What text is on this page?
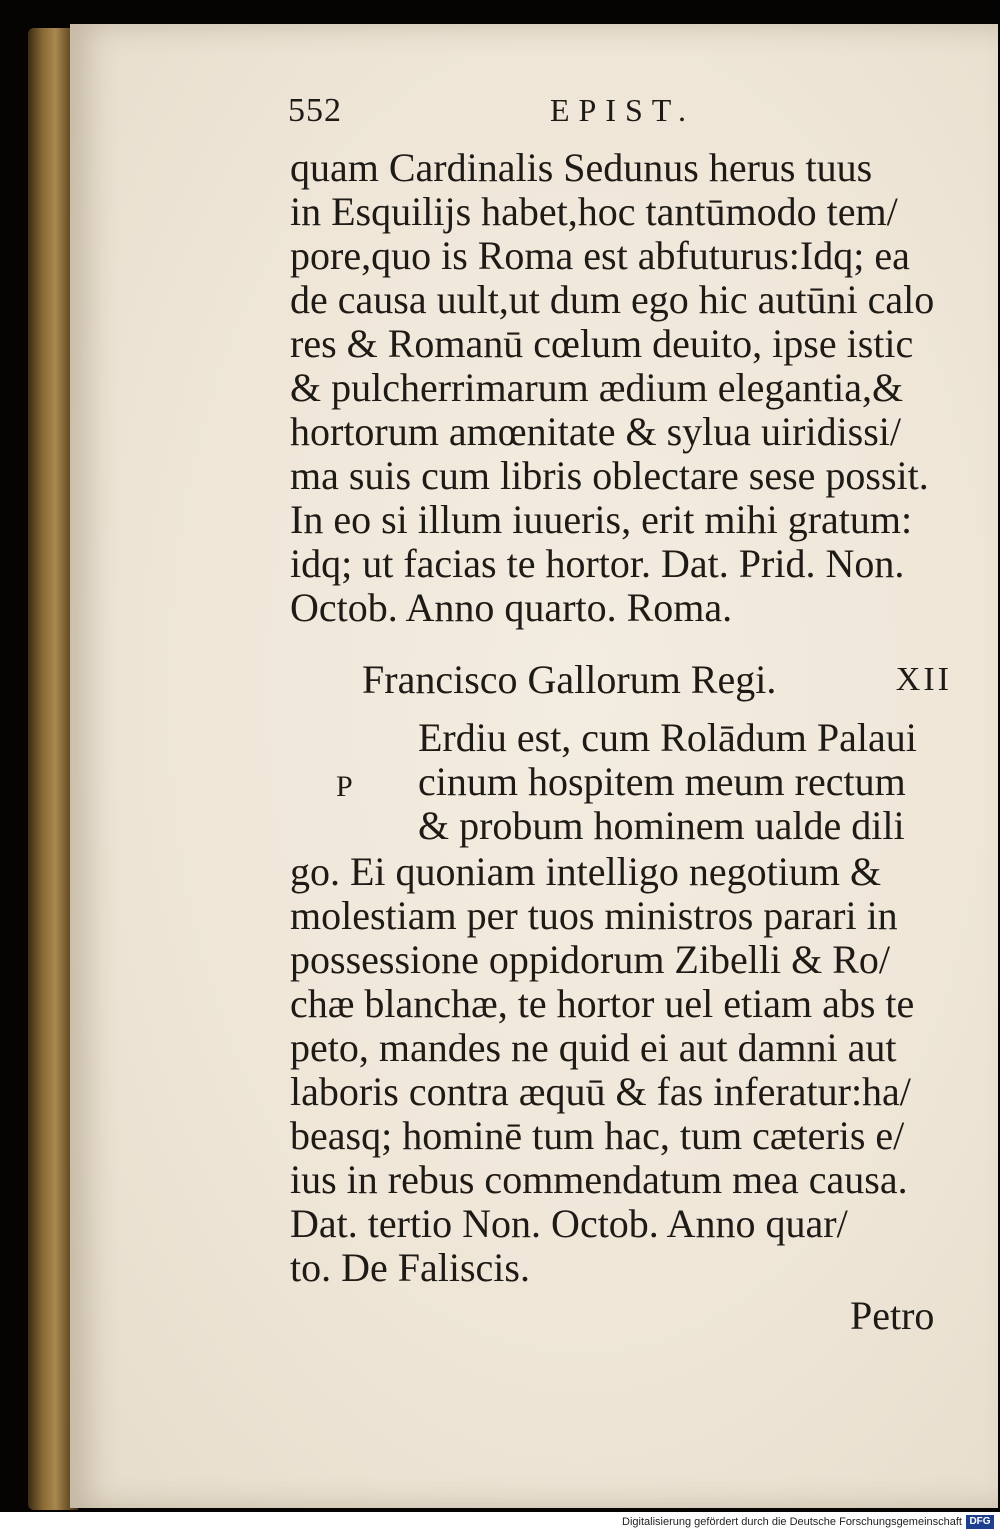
552	EPIST.
quam Cardinalis Sedunus herus tuus
in Esquilijs habet,hoc tantūmodo tem/
pore,quo is Roma est abfuturus:Idq; ea
de causa uult,ut dum ego hic autūni calo
res & Romanū cœlum deuito, ipse istic
& pulcherrimarum ædium elegantia,&
hortorum amœnitate & sylua uiridissi/
ma suis cum libris oblectare sese possit.
In eo si illum iuueris, erit mihi gratum:
idq; ut facias te hortor. Dat. Prid. Non.
Octob. Anno quarto. Roma.
Francisco Gallorum Regi.	XII
P
Erdiu est, cum Rolādum Palaui
cinum hospitem meum rectum
& probum hominem ualde dili
go. Ei quoniam intelligo negotium &
molestiam per tuos ministros parari in
possessione oppidorum Zibelli & Ro/
chæ blanchæ, te hortor uel etiam abs te
peto, mandes ne quid ei aut damni aut
laboris contra æquū & fas inferatur:ha/
beasq; hominē tum hac, tum cæteris e/
ius in rebus commendatum mea causa.
Dat. tertio Non. Octob. Anno quar/
to. De Faliscis.
Petro
Digitalisierung gefördert durch die Deutsche Forschungsgemeinschaft DFG
